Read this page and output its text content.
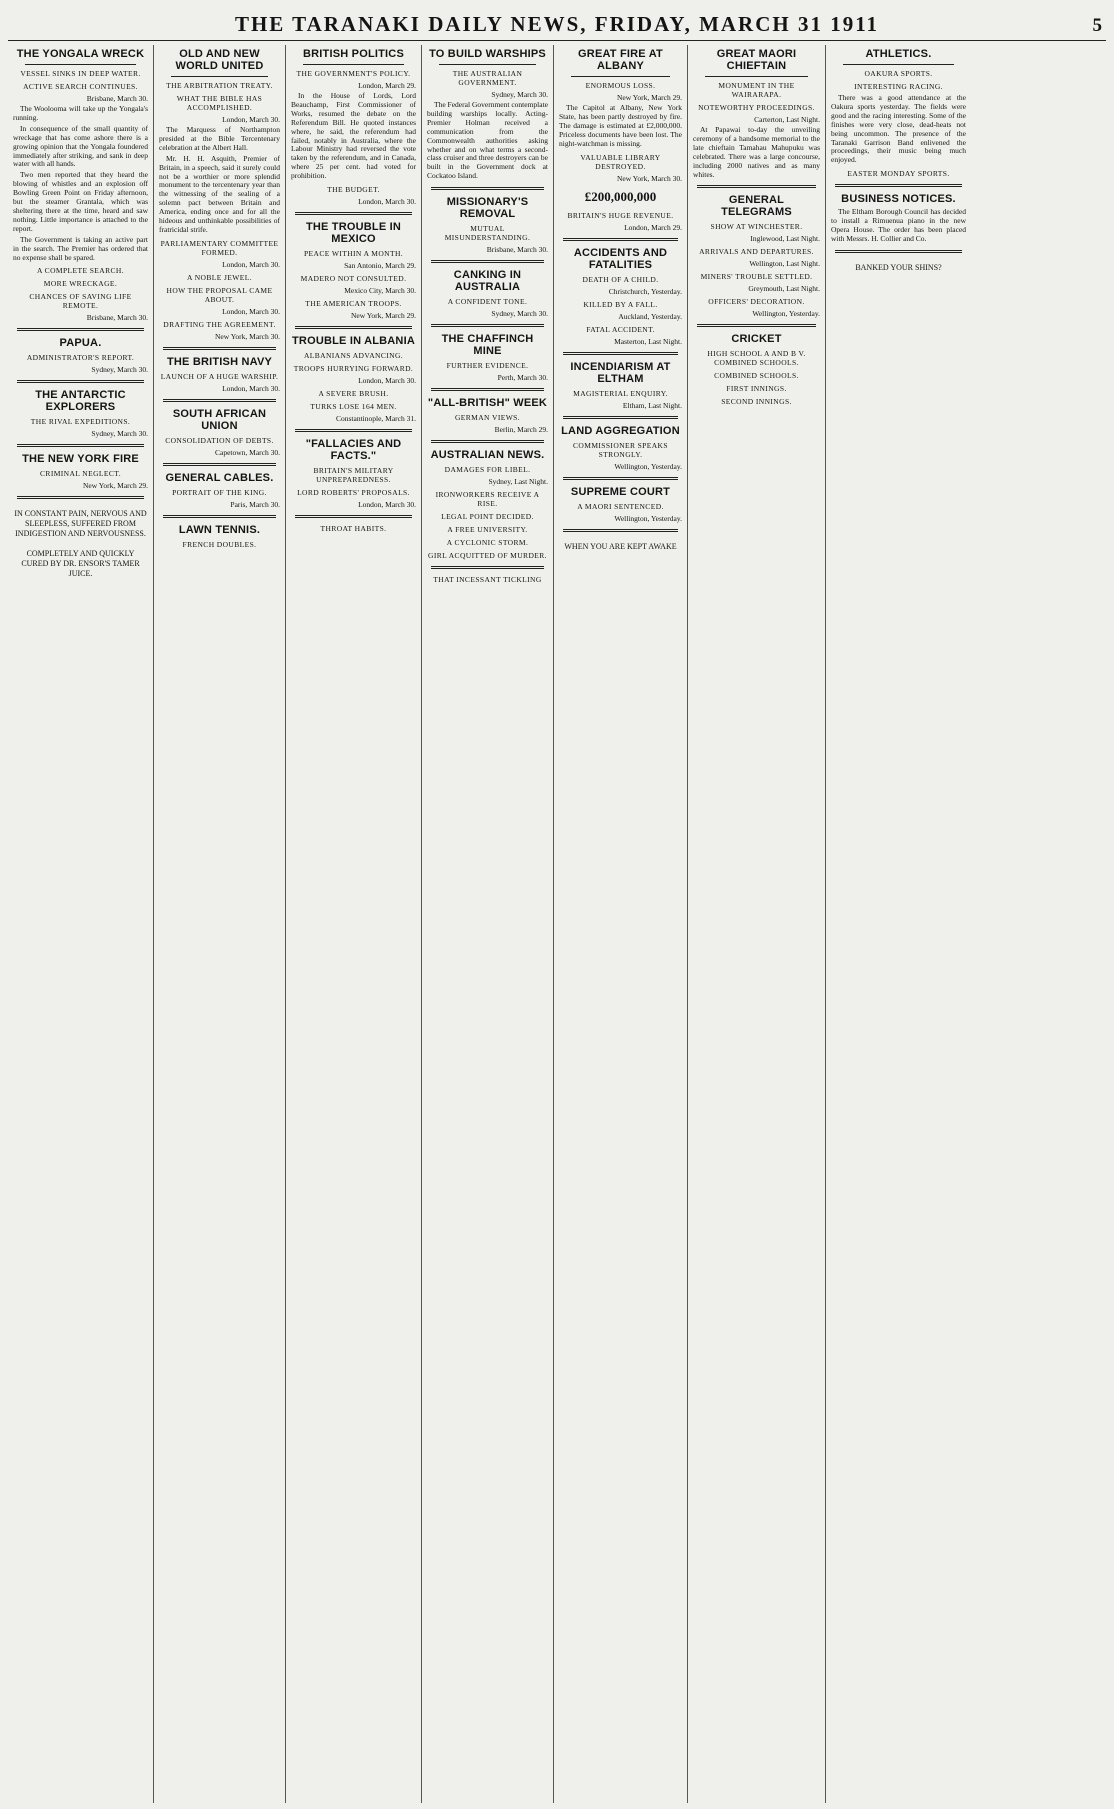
THE TARANAKI DAILY NEWS, FRIDAY, MARCH 31 1911	5
THE YONGALA WRECK
VESSEL SINKS IN DEEP WATER.
ACTIVE SEARCH CONTINUES.
Brisbane, March 30.

The Woolooma will take up the Yongala's running.

In consequence of the small quantity of wreckage that has come ashore there is a growing opinion that the Yongala foundered immediately after striking, and sank in deep water with all hands.

Two men reported that they heard the blowing of whistles and an explosion off Bowling Green Point on Friday afternoon, but the steamer Grantala, which was sheltering there at the time, heard and saw nothing. Little importance is attached to the report.

The Government is taking an active part in the search. The Premier has ordered that no expense shall be spared.

A COMPLETE SEARCH.
MORE WRECKAGE.
CHANCES OF SAVING LIFE REMOTE.
Brisbane, March 30.
PAPUA.
ADMINISTRATOR'S REPORT.
Sydney, March 30.
THE ANTARCTIC EXPLORERS
THE RIVAL EXPEDITIONS.
Sydney, March 30.
THE NEW YORK FIRE
CRIMINAL NEGLECT.
New York, March 29.
IN CONSTANT PAIN, NERVOUS AND SLEEPLESS, SUFFERED FROM INDIGESTION AND NERVOUSNESS.
COMPLETELY AND QUICKLY CURED BY DR. ENSOR'S TAMER JUICE.
OLD AND NEW WORLD UNITED
THE ARBITRATION TREATY.
WHAT THE BIBLE HAS ACCOMPLISHED.
London, March 30.

The Marquess of Northampton presided at the Bible Tercentenary celebration at the Albert Hall.

Mr. H. H. Asquith, Premier of Britain, in a speech, said it surely could not be a worthier or more splendid monument to the tercentenary year than the witnessing of the sealing of a solemn pact between Britain and America, ending once and for all the hideous and unthinkable possibilities of fratricidal strife.

PARLIAMENTARY COMMITTEE FORMED.
London, March 30.
A NOBLE JEWEL.
HOW THE PROPOSAL CAME ABOUT.
London, March 30.
DRAFTING THE AGREEMENT.
New York, March 30.
THE BRITISH NAVY
LAUNCH OF A HUGE WARSHIP.
London, March 30.
SOUTH AFRICAN UNION
CONSOLIDATION OF DEBTS.
Capetown, March 30.
GENERAL CABLES.
PORTRAIT OF THE KING.
Paris, March 30.
LAWN TENNIS.
FRENCH DOUBLES.
BRITISH POLITICS
THE GOVERNMENT'S POLICY.
London, March 29.

In the House of Lords, Lord Beauchamp, First Commissioner of Works, resumed the debate on the Referendum Bill. He quoted instances where, he said, the referendum had failed, notably in Australia, where the Labour Ministry had reversed the vote taken by the referendum, and in Canada, where 25 per cent. had voted for prohibition.

THE BUDGET.
London, March 30.
THE TROUBLE IN MEXICO
PEACE WITHIN A MONTH.
San Antonio, March 29.
MADERO NOT CONSULTED.
Mexico City, March 30.
THE AMERICAN TROOPS.
New York, March 29.
TROUBLE IN ALBANIA
ALBANIANS ADVANCING.
TROOPS HURRYING FORWARD.
London, March 30.
A SEVERE BRUSH.
TURKS LOSE 164 MEN.
Constantinople, March 31.
"FALLACIES AND FACTS."
BRITAIN'S MILITARY UNPREPAREDNESS.
LORD ROBERTS' PROPOSALS.
London, March 30.
THROAT HABITS.
TO BUILD WARSHIPS
THE AUSTRALIAN GOVERNMENT.
Sydney, March 30.

The Federal Government contemplate building warships locally. Acting-Premier Holman received a communication from the Commonwealth authorities asking whether and on what terms a second-class cruiser and three destroyers can be built in the Government dock at Cockatoo Island.

MISSIONARY'S REMOVAL
MUTUAL MISUNDERSTANDING.
Brisbane, March 30.
CANKING IN AUSTRALIA
A CONFIDENT TONE.
Sydney, March 30.
THE CHAFFINCH MINE
FURTHER EVIDENCE.
Perth, March 30.
"ALL-BRITISH" WEEK
GERMAN VIEWS.
Berlin, March 29.
AUSTRALIAN NEWS.
DAMAGES FOR LIBEL.
Sydney, Last Night.
IRONWORKERS RECEIVE A RISE.
LEGAL POINT DECIDED.
A FREE UNIVERSITY.
A CYCLONIC STORM.
GIRL ACQUITTED OF MURDER.
THAT INCESSANT TICKLING
GREAT FIRE AT ALBANY
ENORMOUS LOSS.
New York, March 29.

The Capitol at Albany, New York State, has been partly destroyed by fire. The damage is estimated at £2,000,000. Priceless documents have been lost. The night-watchman is missing.

VALUABLE LIBRARY DESTROYED.
New York, March 30.
£200,000,000
BRITAIN'S HUGE REVENUE.
London, March 29.
ACCIDENTS AND FATALITIES
DEATH OF A CHILD.
Christchurch, Yesterday.
KILLED BY A FALL.
Auckland, Yesterday.
FATAL ACCIDENT.
Masterton, Last Night.
INCENDIARISM AT ELTHAM
MAGISTERIAL ENQUIRY.
Eltham, Last Night.
LAND AGGREGATION
COMMISSIONER SPEAKS STRONGLY.
Wellington, Yesterday.
SUPREME COURT
A MAORI SENTENCED.
Wellington, Yesterday.
WHEN YOU ARE KEPT AWAKE
GREAT MAORI CHIEFTAIN
MONUMENT IN THE WAIRARAPA.
NOTEWORTHY PROCEEDINGS.
Carterton, Last Night.

At Papawai to-day the unveiling ceremony of a handsome memorial to the late chieftain Tamahau Mahupuku was celebrated. There was a large concourse, including 2000 natives and as many whites.

GENERAL TELEGRAMS
SHOW AT WINCHESTER.
Inglewood, Last Night.
ARRIVALS AND DEPARTURES.
Wellington, Last Night.
MINERS' TROUBLE SETTLED.
Greymouth, Last Night.
OFFICERS' DECORATION.
Wellington, Yesterday.
CRICKET
HIGH SCHOOL A AND B V. COMBINED SCHOOLS.
COMBINED SCHOOLS.
FIRST INNINGS.
SECOND INNINGS.
ATHLETICS.
OAKURA SPORTS.
INTERESTING RACING.

There was a good attendance at the Oakura sports yesterday. The fields were good and the racing interesting. Some of the finishes were very close, dead-heats not being uncommon. The presence of the Taranaki Garrison Band enlivened the proceedings, their music being much enjoyed.

EASTER MONDAY SPORTS.
BUSINESS NOTICES.

The Eltham Borough Council has decided to install a Rimuenua piano in the new Opera House. The order has been placed with Messrs. H. Collier and Co.

BANKED YOUR SHINS?
